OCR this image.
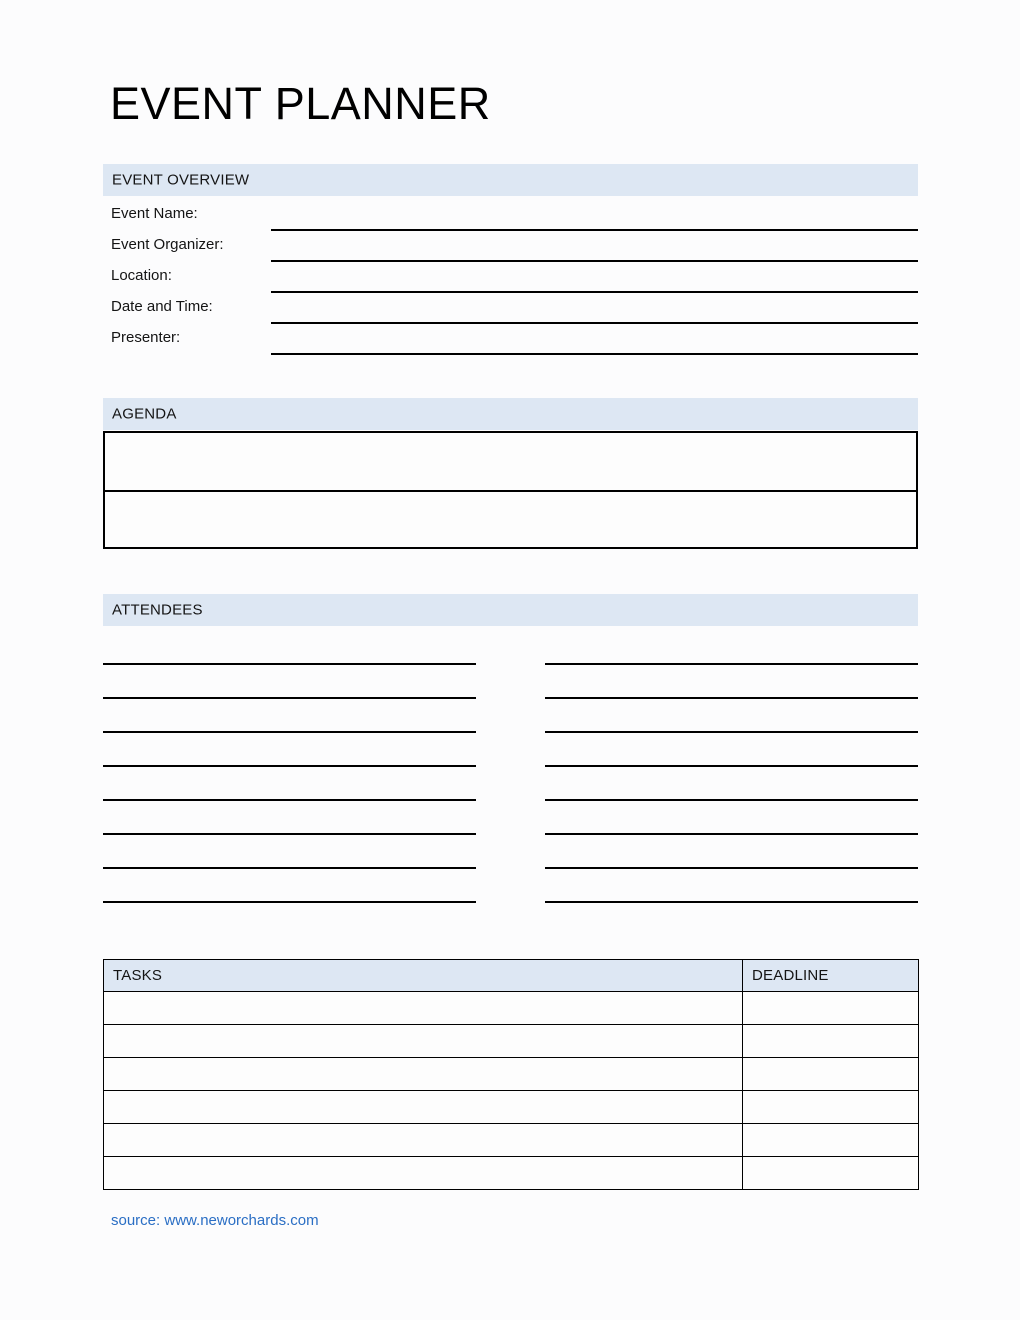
EVENT PLANNER
EVENT OVERVIEW
Event Name:
Event Organizer:
Location:
Date and Time:
Presenter:
AGENDA
ATTENDEES
TASKS	DEADLINE

source: www.neworchards.com
